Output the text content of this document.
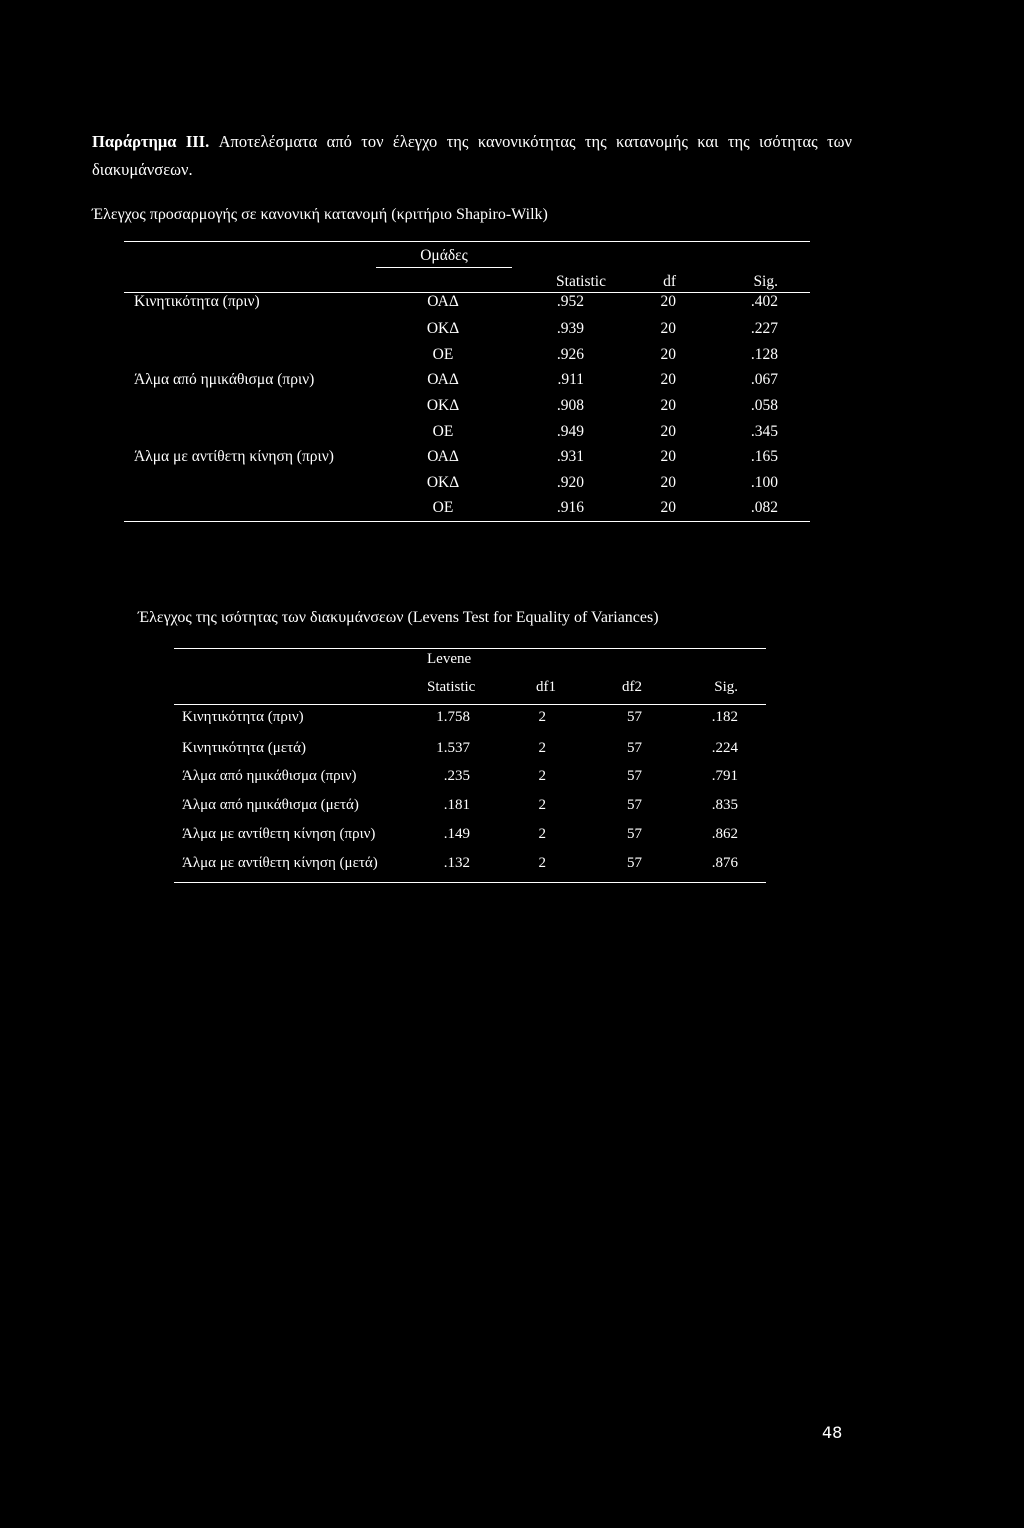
Παράρτημα III. Αποτελέσματα από τον έλεγχο της κανονικότητας της κατανομής και της ισότητας των διακυμάνσεων.
Έλεγχος προσαρμογής σε κανονική κατανομή (κριτήριο Shapiro-Wilk)
Ομάδες
Statistic	df	Sig.
Κινητικότητα (πριν)	ΟΑΔ	.952	20	.402
ΟΚΔ	.939	20	.227
ΟΕ	.926	20	.128
Άλμα από ημικάθισμα (πριν)	ΟΑΔ	.911	20	.067
ΟΚΔ	.908	20	.058
ΟΕ	.949	20	.345
Άλμα με αντίθετη κίνηση (πριν)	ΟΑΔ	.931	20	.165
ΟΚΔ	.920	20	.100
ΟΕ	.916	20	.082
Έλεγχος της ισότητας των διακυμάνσεων (Levens Test for Equality of Variances)
Levene
Statistic	df1	df2	Sig.
Κινητικότητα (πριν)	1.758	2	57	.182
Κινητικότητα (μετά)	1.537	2	57	.224
Άλμα από ημικάθισμα (πριν)	.235	2	57	.791
Άλμα από ημικάθισμα (μετά)	.181	2	57	.835
Άλμα με αντίθετη κίνηση (πριν)	.149	2	57	.862
Άλμα με αντίθετη κίνηση (μετά)	.132	2	57	.876
48
